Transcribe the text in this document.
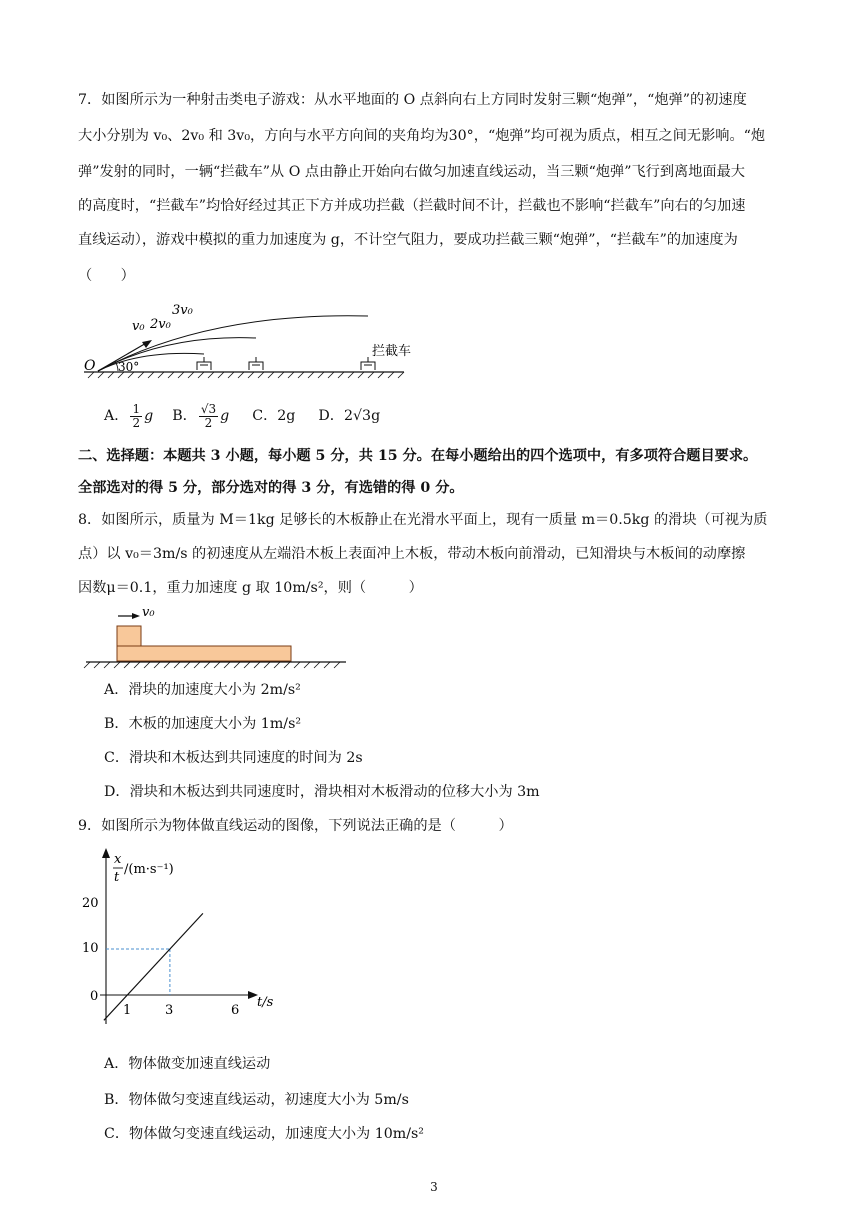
7．如图所示为一种射击类电子游戏：从水平地面的 O 点斜向右上方同时发射三颗“炮弹”，“炮弹”的初速度
大小分别为 v₀、2v₀ 和 3v₀，方向与水平方向间的夹角均为30°，“炮弹”均可视为质点，相互之间无影响。“炮
弹”发射的同时，一辆“拦截车”从 O 点由静止开始向右做匀加速直线运动，当三颗“炮弹”飞行到离地面最大
的高度时，“拦截车”均恰好经过其正下方并成功拦截（拦截时间不计，拦截也不影响“拦截车”向右的匀加速
直线运动），游戏中模拟的重力加速度为 g，不计空气阻力，要成功拦截三颗“炮弹”，“拦截车”的加速度为
（　　）
O 30°
v₀ 2v₀
3v₀
拦截车
A． $\frac{1}{2}$ g B． $\frac{√3}{2}$ g C．2g D．2√3g
二、选择题：本题共 3 小题，每小题 5 分，共 15 分。在每小题给出的四个选项中，有多项符合题目要求。
全部选对的得 5 分，部分选对的得 3 分，有选错的得 0 分。
8．如图所示，质量为 M＝1kg 足够长的木板静止在光滑水平面上，现有一质量 m＝0.5kg 的滑块（可视为质
点）以 v₀＝3m/s 的初速度从左端沿木板上表面冲上木板，带动木板向前滑动，已知滑块与木板间的动摩擦
因数μ＝0.1，重力加速度 g 取 10m/s²，则（　　　）
v₀
A．滑块的加速度大小为 2m/s²
B．木板的加速度大小为 1m/s²
C．滑块和木板达到共同速度的时间为 2s
D．滑块和木板达到共同速度时，滑块相对木板滑动的位移大小为 3m
9．如图所示为物体做直线运动的图像，下列说法正确的是（　　　）
x
t
/(m·s⁻¹)
t/s
20
10
0
1	3	6
A．物体做变加速直线运动
B．物体做匀变速直线运动，初速度大小为 5m/s
C．物体做匀变速直线运动，加速度大小为 10m/s²
3
